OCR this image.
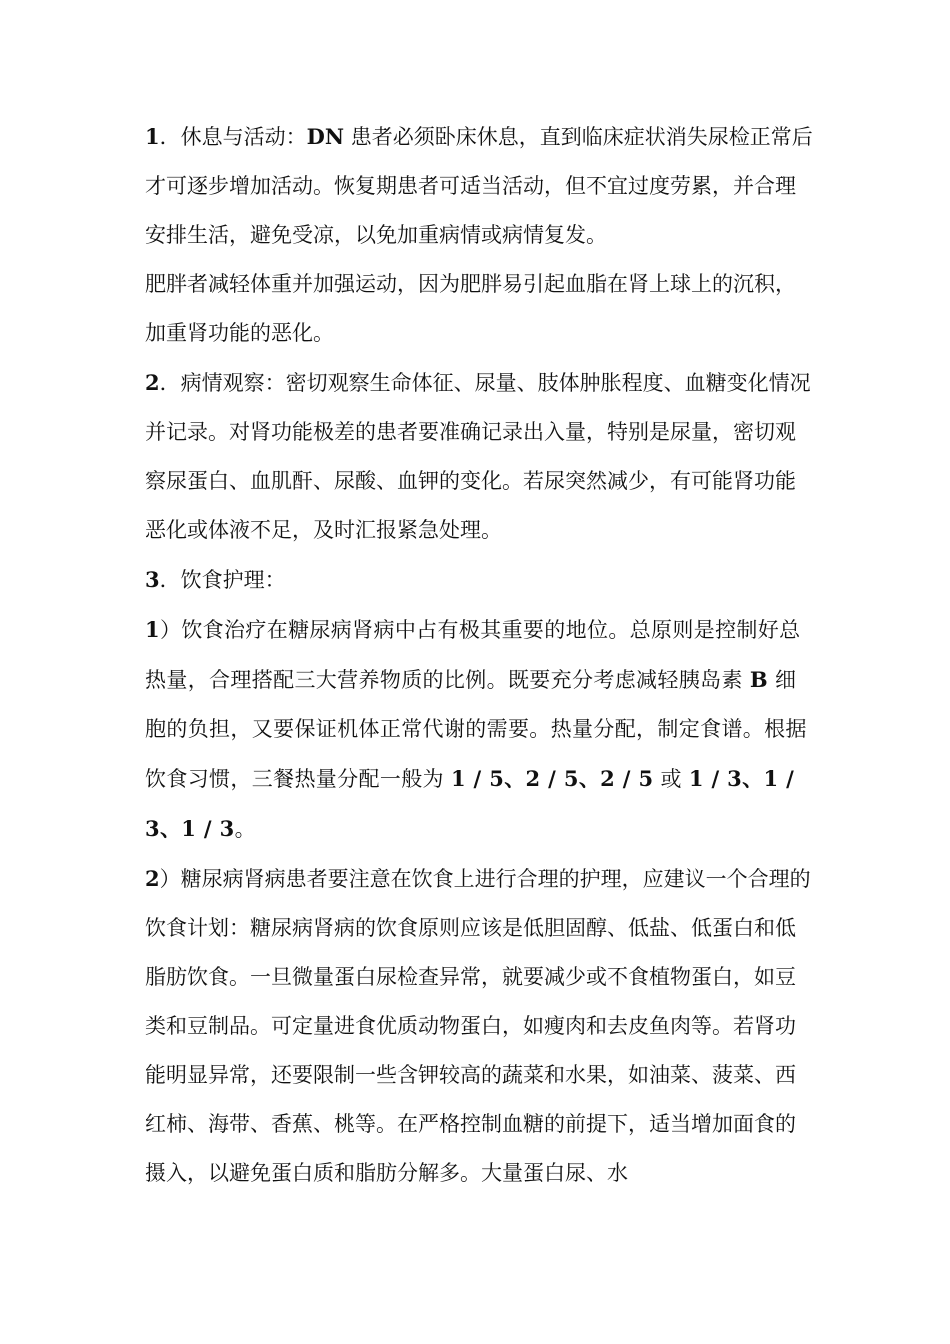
1．休息与活动：DN 患者必须卧床休息，直到临床症状消失尿检正常后才可逐步增加活动。恢复期患者可适当活动，但不宜过度劳累，并合理安排生活，避免受凉，以免加重病情或病情复发。

肥胖者减轻体重并加强运动，因为肥胖易引起血脂在肾上球上的沉积，加重肾功能的恶化。

2．病情观察：密切观察生命体征、尿量、肢体肿胀程度、血糖变化情况并记录。对肾功能极差的患者要准确记录出入量，特别是尿量，密切观察尿蛋白、血肌酐、尿酸、血钾的变化。若尿突然减少，有可能肾功能恶化或体液不足，及时汇报紧急处理。

3．饮食护理：

1）饮食治疗在糖尿病肾病中占有极其重要的地位。总原则是控制好总热量，合理搭配三大营养物质的比例。既要充分考虑减轻胰岛素 B 细胞的负担，又要保证机体正常代谢的需要。热量分配，制定食谱。根据饮食习惯，三餐热量分配一般为 1 / 5、2 / 5、2 / 5 或 1 / 3、1 / 3、1 / 3。

2）糖尿病肾病患者要注意在饮食上进行合理的护理，应建议一个合理的饮食计划：糖尿病肾病的饮食原则应该是低胆固醇、低盐、低蛋白和低脂肪饮食。一旦微量蛋白尿检查异常，就要减少或不食植物蛋白，如豆类和豆制品。可定量进食优质动物蛋白，如瘦肉和去皮鱼肉等。若肾功能明显异常，还要限制一些含钾较高的蔬菜和水果，如油菜、菠菜、西红柿、海带、香蕉、桃等。在严格控制血糖的前提下，适当增加面食的摄入，以避免蛋白质和脂肪分解多。大量蛋白尿、水
